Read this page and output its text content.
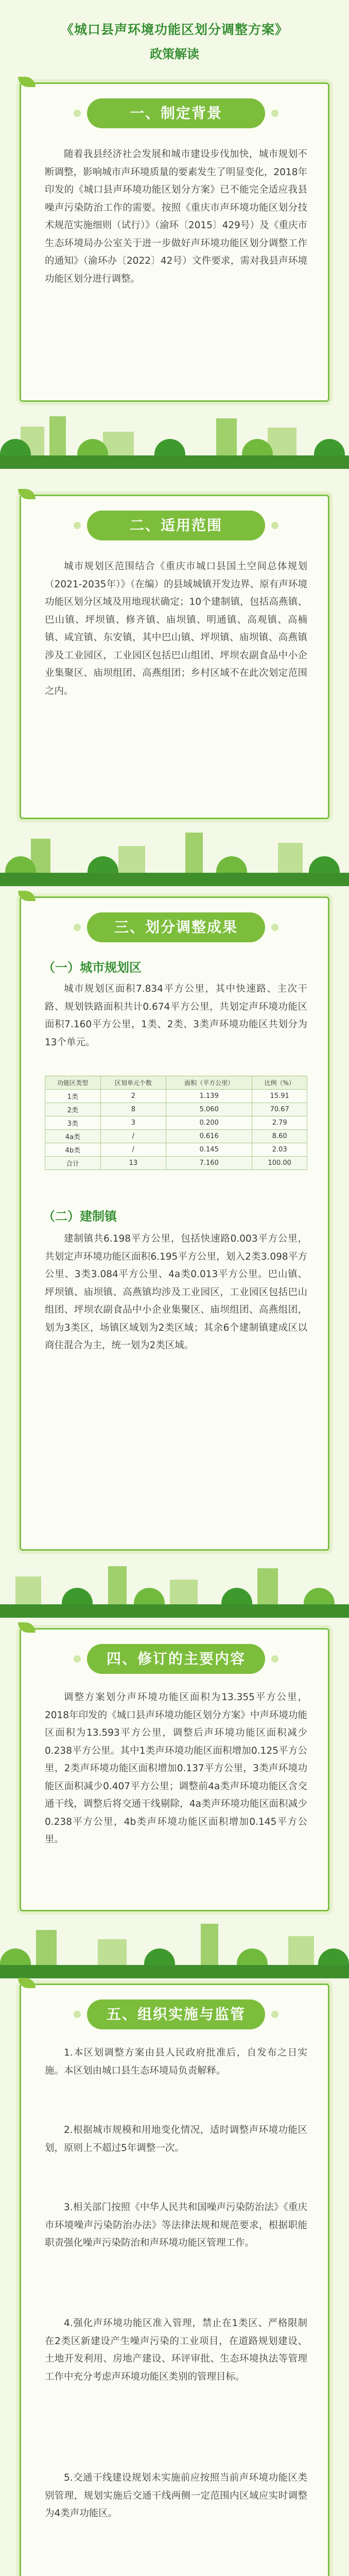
《城口县声环境功能区划分调整方案》
政策解读
一、制定背景
随着我县经济社会发展和城市建设步伐加快，城市规划不断调整，影响城市声环境质量的要素发生了明显变化，2018年印发的《城口县声环境功能区划分方案》已不能完全适应我县噪声污染防治工作的需要。按照《重庆市声环境功能区划分技术规范实施细则（试行）》（渝环〔2015〕429号）及《重庆市生态环境局办公室关于进一步做好声环境功能区划分调整工作的通知》（渝环办〔2022〕42号）文件要求，需对我县声环境功能区划分进行调整。
二、适用范围
城市规划区范围结合《重庆市城口县国土空间总体规划（2021-2035年）》（在编）的县域城镇开发边界、原有声环境功能区划分区域及用地现状确定；10个建制镇，包括高燕镇、巴山镇、坪坝镇、修齐镇、庙坝镇、明通镇、高观镇、高楠镇、咸宜镇、东安镇，其中巴山镇、坪坝镇、庙坝镇、高燕镇涉及工业园区，工业园区包括巴山组团、坪坝农副食品中小企业集聚区、庙坝组团、高燕组团；乡村区域不在此次划定范围之内。
三、划分调整成果
（一）城市规划区
城市规划区面积7.834平方公里，其中快速路、主次干路、规划铁路面积共计0.674平方公里，共划定声环境功能区面积7.160平方公里，1类、2类、3类声环境功能区共划分为13个单元。
功能区类型	区划单元个数	面积（平方公里）	比例（%）
1类	2	1.139	15.91
2类	8	5.060	70.67
3类	3	0.200	2.79
4a类	/	0.616	8.60
4b类	/	0.145	2.03
合计	13	7.160	100.00
（二）建制镇
建制镇共6.198平方公里，包括快速路0.003平方公里，共划定声环境功能区面积6.195平方公里，划入2类3.098平方公里、3类3.084平方公里、4a类0.013平方公里。巴山镇、坪坝镇、庙坝镇、高燕镇均涉及工业园区，工业园区包括巴山组团、坪坝农副食品中小企业集聚区、庙坝组团、高燕组团，划为3类区，场镇区域划为2类区域；其余6个建制镇建成区以商住混合为主，统一划为2类区域。
四、修订的主要内容
调整方案划分声环境功能区面积为13.355平方公里，2018年印发的《城口县声环境功能区划分方案》中声环境功能区面积为13.593平方公里，调整后声环境功能区面积减少0.238平方公里。其中1类声环境功能区面积增加0.125平方公里，2类声环境功能区面积增加0.137平方公里，3类声环境功能区面积减少0.407平方公里；调整前4a类声环境功能区含交通干线，调整后将交通干线剔除，4a类声环境功能区面积减少0.238平方公里，4b类声环境功能区面积增加0.145平方公里。
五、组织实施与监管
1.本区划调整方案由县人民政府批准后，自发布之日实施。本区划由城口县生态环境局负责解释。
2.根据城市规模和用地变化情况，适时调整声环境功能区划，原则上不超过5年调整一次。
3.相关部门按照《中华人民共和国噪声污染防治法》《重庆市环境噪声污染防治办法》等法律法规和规范要求，根据职能职责强化噪声污染防治和声环境功能区管理工作。
4.强化声环境功能区准入管理，禁止在1类区、严格限制在2类区新建设产生噪声污染的工业项目，在道路规划建设、土地开发利用、房地产建设、环评审批、生态环境执法等管理工作中充分考虑声环境功能区类别的管理目标。
5.交通干线建设规划未实施前应按照当前声环境功能区类别管理，规划实施后交通干线两侧一定范围内区域应实时调整为4类声功能区。
